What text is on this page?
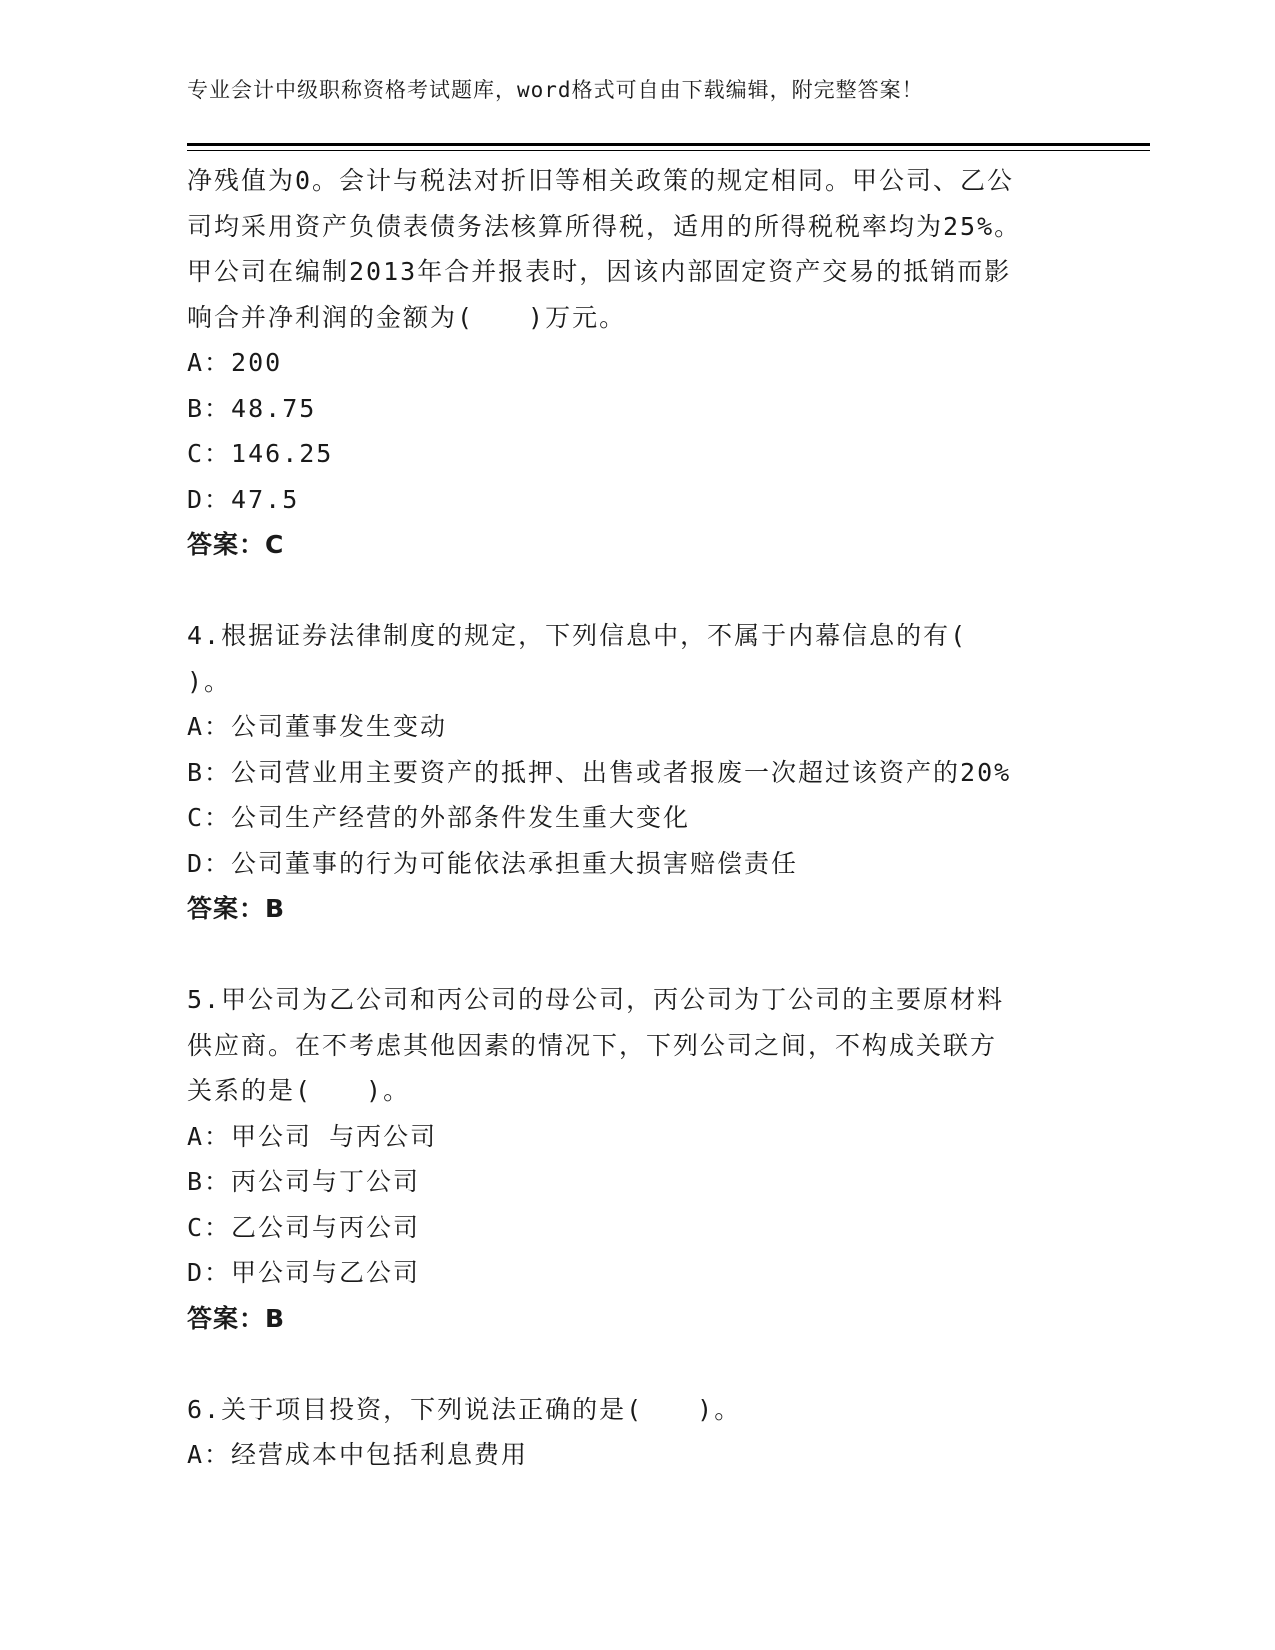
专业会计中级职称资格考试题库，word格式可自由下载编辑，附完整答案！
净残值为0。会计与税法对折旧等相关政策的规定相同。甲公司、乙公
司均采用资产负债表债务法核算所得税，适用的所得税税率均为25%。
甲公司在编制2013年合并报表时，因该内部固定资产交易的抵销而影
响合并净利润的金额为(　　)万元。
A：200
B：48.75
C：146.25
D：47.5
答案：C
4.根据证券法律制度的规定，下列信息中，不属于内幕信息的有(
)。
A：公司董事发生变动
B：公司营业用主要资产的抵押、出售或者报废一次超过该资产的20%
C：公司生产经营的外部条件发生重大变化
D：公司董事的行为可能依法承担重大损害赔偿责任
答案：B
5.甲公司为乙公司和丙公司的母公司，丙公司为丁公司的主要原材料
供应商。在不考虑其他因素的情况下，下列公司之间，不构成关联方
关系的是(　　)。
A：甲公司 与丙公司
B：丙公司与丁公司
C：乙公司与丙公司
D：甲公司与乙公司
答案：B
6.关于项目投资，下列说法正确的是(　　)。
A：经营成本中包括利息费用
